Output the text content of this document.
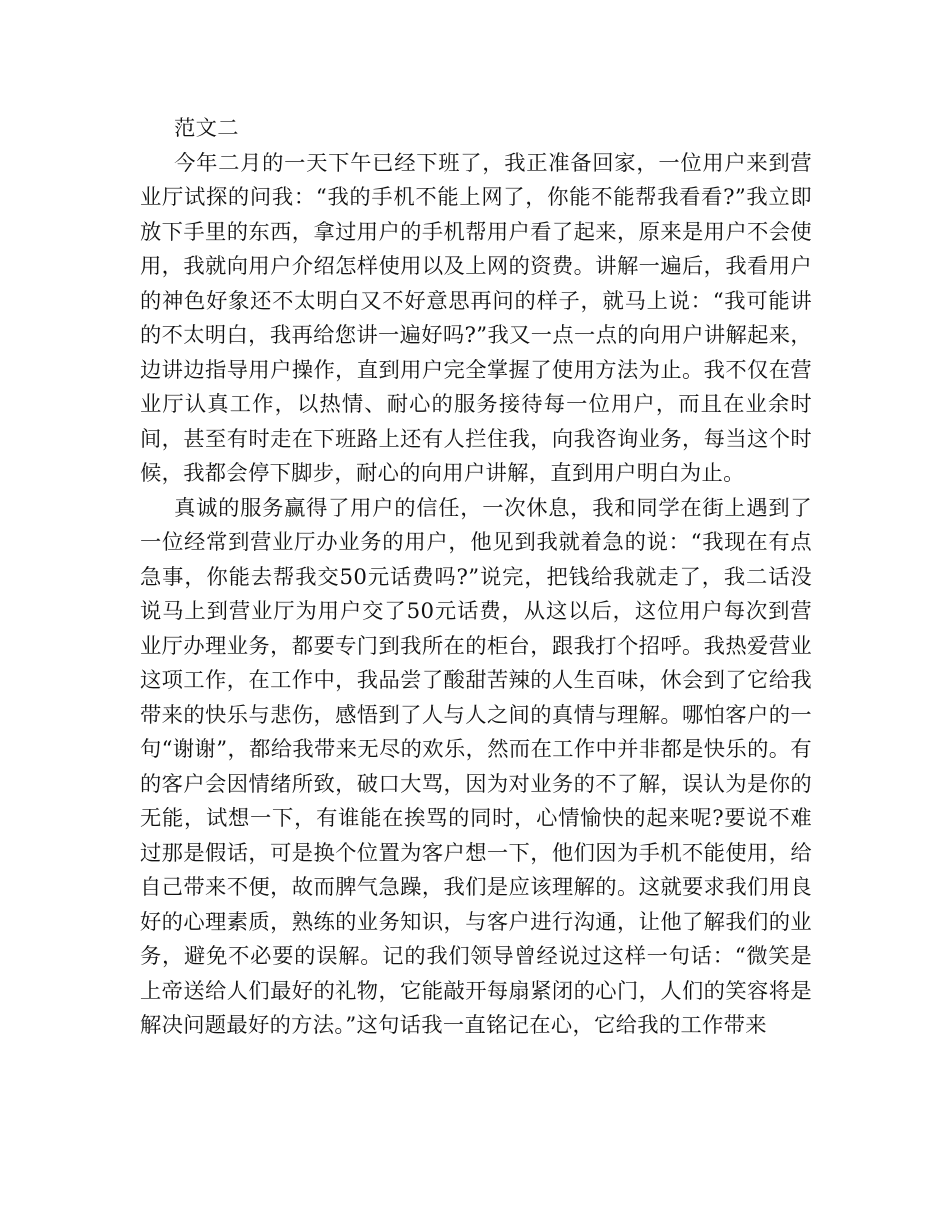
范文二

今年二月的一天下午已经下班了，我正准备回家，一位用户来到营业厅试探的问我：“我的手机不能上网了，你能不能帮我看看?”我立即放下手里的东西，拿过用户的手机帮用户看了起来，原来是用户不会使用，我就向用户介绍怎样使用以及上网的资费。讲解一遍后，我看用户的神色好象还不太明白又不好意思再问的样子，就马上说：“我可能讲的不太明白，我再给您讲一遍好吗?”我又一点一点的向用户讲解起来，边讲边指导用户操作，直到用户完全掌握了使用方法为止。我不仅在营业厅认真工作，以热情、耐心的服务接待每一位用户，而且在业余时间，甚至有时走在下班路上还有人拦住我，向我咨询业务，每当这个时候，我都会停下脚步，耐心的向用户讲解，直到用户明白为止。

真诚的服务赢得了用户的信任，一次休息，我和同学在街上遇到了一位经常到营业厅办业务的用户，他见到我就着急的说：“我现在有点急事，你能去帮我交50元话费吗?”说完，把钱给我就走了，我二话没说马上到营业厅为用户交了50元话费，从这以后，这位用户每次到营业厅办理业务，都要专门到我所在的柜台，跟我打个招呼。我热爱营业这项工作，在工作中，我品尝了酸甜苦辣的人生百味，休会到了它给我带来的快乐与悲伤，感悟到了人与人之间的真情与理解。哪怕客户的一句“谢谢”，都给我带来无尽的欢乐，然而在工作中并非都是快乐的。有的客户会因情绪所致，破口大骂，因为对业务的不了解，误认为是你的无能，试想一下，有谁能在挨骂的同时，心情愉快的起来呢?要说不难过那是假话，可是换个位置为客户想一下，他们因为手机不能使用，给自己带来不便，故而脾气急躁，我们是应该理解的。这就要求我们用良好的心理素质，熟练的业务知识，与客户进行沟通，让他了解我们的业务，避免不必要的误解。记的我们领导曾经说过这样一句话：“微笑是上帝送给人们最好的礼物，它能敲开每扇紧闭的心门，人们的笑容将是解决问题最好的方法。”这句话我一直铭记在心，它给我的工作带来
